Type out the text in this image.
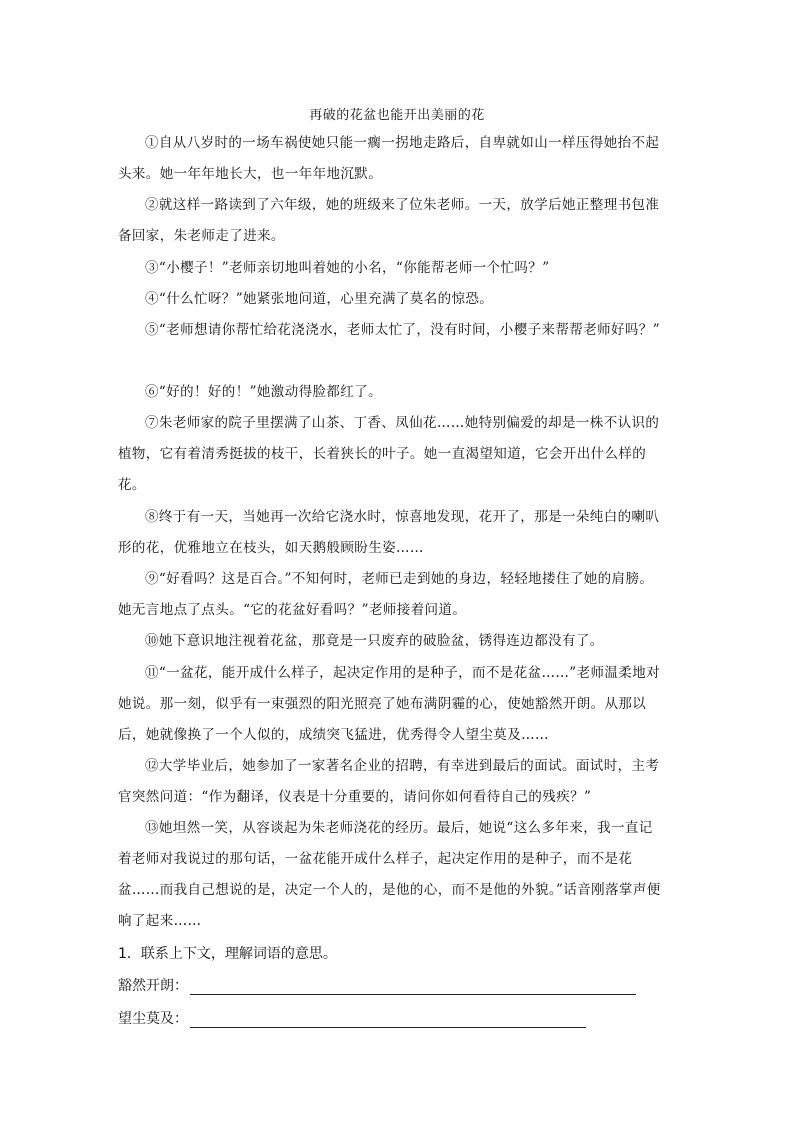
再破的花盆也能开出美丽的花

①自从八岁时的一场车祸使她只能一瘸一拐地走路后，自卑就如山一样压得她抬不起头来。她一年年地长大，也一年年地沉默。

②就这样一路读到了六年级，她的班级来了位朱老师。一天，放学后她正整理书包准备回家，朱老师走了进来。

③“小樱子！”老师亲切地叫着她的小名，“你能帮老师一个忙吗？”

④“什么忙呀？”她紧张地问道，心里充满了莫名的惊恐。

⑤“老师想请你帮忙给花浇浇水，老师太忙了，没有时间，小樱子来帮帮老师好吗？”

⑥“好的！好的！”她激动得脸都红了。

⑦朱老师家的院子里摆满了山茶、丁香、凤仙花……她特别偏爱的却是一株不认识的植物，它有着清秀挺拔的枝干，长着狭长的叶子。她一直渴望知道，它会开出什么样的花。

⑧终于有一天，当她再一次给它浇水时，惊喜地发现，花开了，那是一朵纯白的喇叭形的花，优雅地立在枝头，如天鹅般顾盼生姿……

⑨“好看吗？这是百合。”不知何时，老师已走到她的身边，轻轻地搂住了她的肩膀。她无言地点了点头。“它的花盆好看吗？”老师接着问道。

⑩她下意识地注视着花盆，那竟是一只废弃的破脸盆，锈得连边都没有了。

⑪“一盆花，能开成什么样子，起决定作用的是种子，而不是花盆……”老师温柔地对她说。那一刻，似乎有一束强烈的阳光照亮了她布满阴霾的心，使她豁然开朗。从那以后，她就像换了一个人似的，成绩突飞猛进，优秀得令人望尘莫及……

⑫大学毕业后，她参加了一家著名企业的招聘，有幸进到最后的面试。面试时，主考官突然问道：“作为翻译，仪表是十分重要的，请问你如何看待自己的残疾？”

⑬她坦然一笑，从容谈起为朱老师浇花的经历。最后，她说“这么多年来，我一直记着老师对我说过的那句话，一盆花能开成什么样子，起决定作用的是种子，而不是花盆……而我自己想说的是，决定一个人的，是他的心，而不是他的外貌。”话音刚落掌声便响了起来……

1．联系上下文，理解词语的意思。
豁然开朗：
望尘莫及：
